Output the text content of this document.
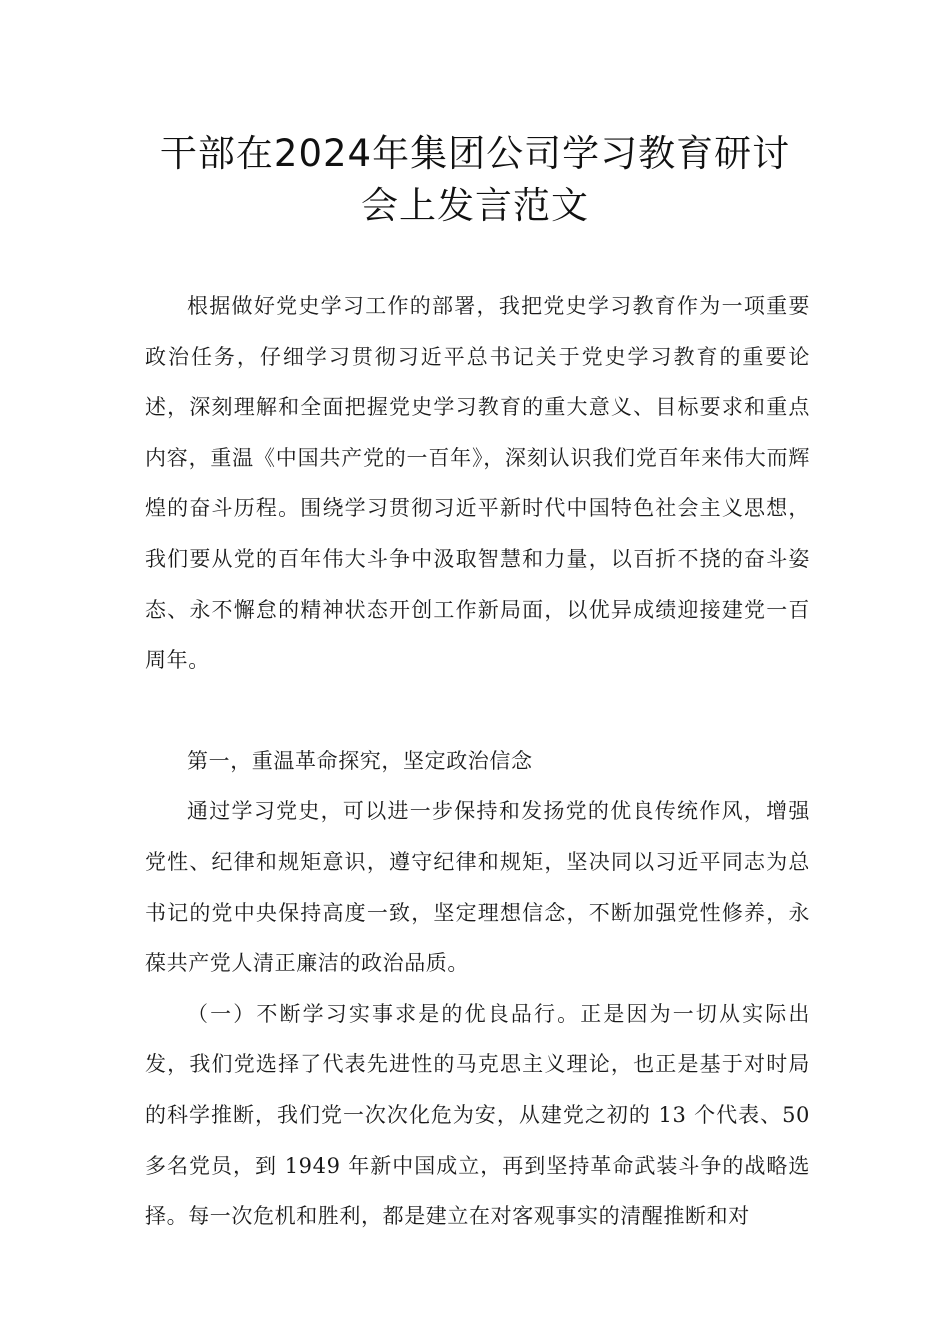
干部在2024年集团公司学习教育研讨
会上发言范文

根据做好党史学习工作的部署，我把党史学习教育作为一项重要政治任务，仔细学习贯彻习近平总书记关于党史学习教育的重要论述，深刻理解和全面把握党史学习教育的重大意义、目标要求和重点内容，重温《中国共产党的一百年》，深刻认识我们党百年来伟大而辉煌的奋斗历程。围绕学习贯彻习近平新时代中国特色社会主义思想，我们要从党的百年伟大斗争中汲取智慧和力量，以百折不挠的奋斗姿态、永不懈怠的精神状态开创工作新局面，以优异成绩迎接建党一百周年。

第一，重温革命探究，坚定政治信念

通过学习党史，可以进一步保持和发扬党的优良传统作风，增强党性、纪律和规矩意识，遵守纪律和规矩，坚决同以习近平同志为总书记的党中央保持高度一致，坚定理想信念，不断加强党性修养，永葆共产党人清正廉洁的政治品质。

（一）不断学习实事求是的优良品行。正是因为一切从实际出发，我们党选择了代表先进性的马克思主义理论，也正是基于对时局的科学推断，我们党一次次化危为安，从建党之初的 13 个代表、50 多名党员，到 1949 年新中国成立，再到坚持革命武装斗争的战略选择。每一次危机和胜利，都是建立在对客观事实的清醒推断和对
